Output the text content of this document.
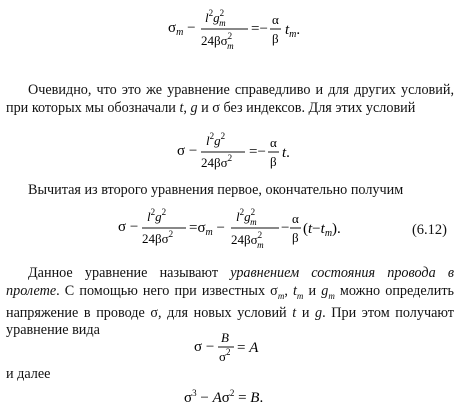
$\sigma_m$ −
$l^2g^2$ m
$24\beta\sigma^2$ m
=−
α
β
$t_m$.
Очевидно, что это же уравнение справедливо и для других условий, при которых мы обозначали t, g и σ без индексов. Для этих условий
σ −
$l^2g^2$
$24\beta\sigma^2$ =−
α
β
t.
Вычитая из второго уравнения первое, окончательно получим
σ −
$l^2g^2$
$24\beta\sigma^2 =\sigma_m$ −
$l^2g^2$ m
$24\beta\sigma^2$ m
−
α
β
$(t-t_m)$.	(6.12)
Данное уравнение называют уравнением состояния провода в пролете. С помощью него при известных $\sigma_m$, $t_m$ и $g_m$ можно определить напряжение в проводе σ, для новых условий t и g. При этом получают уравнение вида
σ −
B
$\sigma^2 = A$
и далее
$\sigma^3 - A\sigma^2 = B$.
